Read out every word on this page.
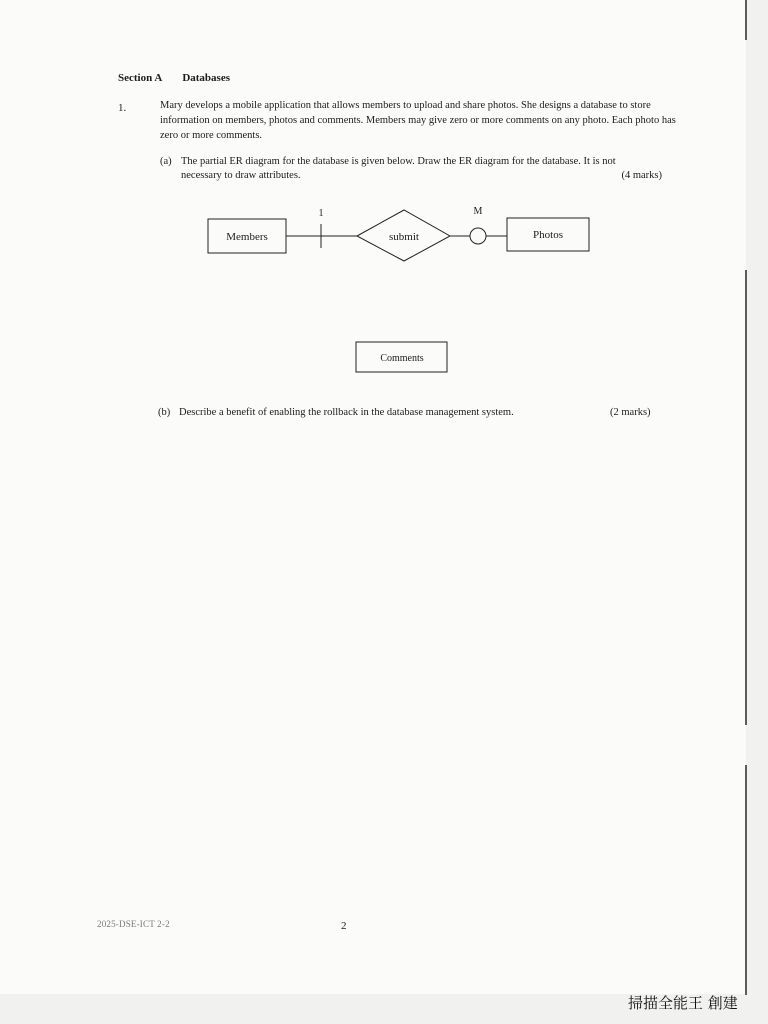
Section A Databases
1.	Mary develops a mobile application that allows members to upload and share photos. She designs a database to store information on members, photos and comments. Members may give zero or more comments on any photo. Each photo has zero or more comments.
(a) The partial ER diagram for the database is given below. Draw the ER diagram for the database. It is not
necessary to draw attributes.	(4 marks)
Members	submit	Photos
Comments
1	M
(b) Describe a benefit of enabling the rollback in the database management system.	(2 marks)
2025-DSE-ICT 2-2	2
掃描全能王 創建
